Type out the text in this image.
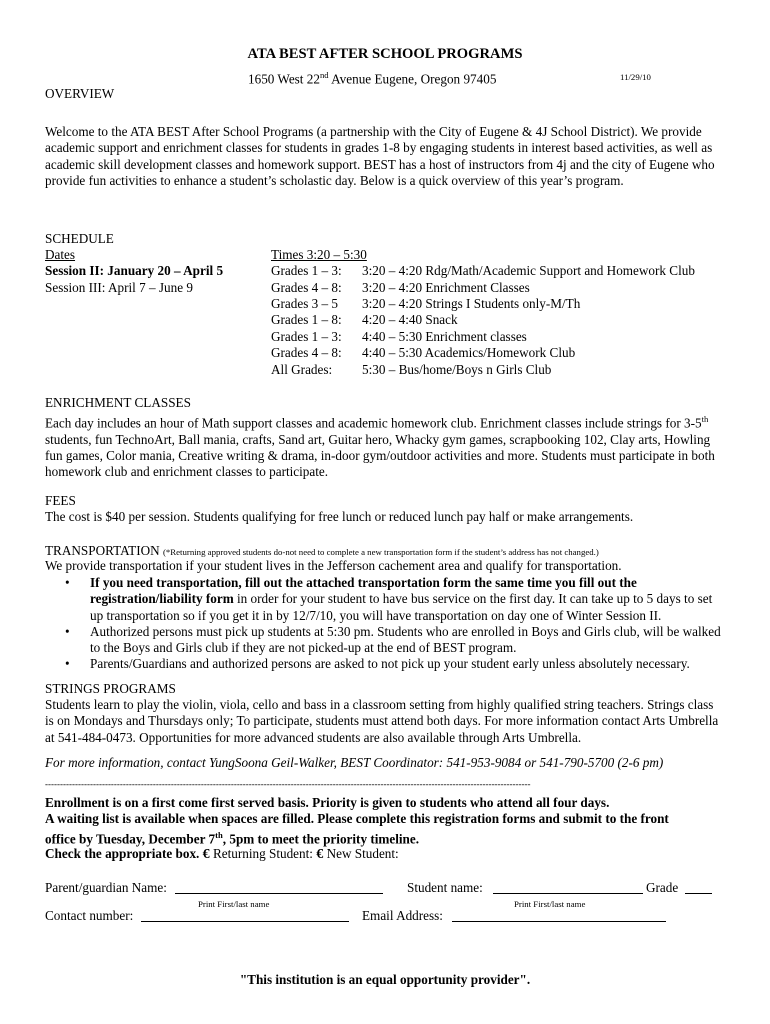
ATA BEST AFTER SCHOOL PROGRAMS
1650 West 22nd Avenue Eugene, Oregon 97405	11/29/10
OVERVIEW

Welcome to the ATA BEST After School Programs (a partnership with the City of Eugene & 4J School District). We provide academic support and enrichment classes for students in grades 1-8 by engaging students in interest based activities, as well as academic skill development classes and homework support. BEST has a host of instructors from 4j and the city of Eugene who provide fun activities to enhance a student’s scholastic day. Below is a quick overview of this year’s program.

SCHEDULE
Dates
Session II: January 20 – April 5
Session III: April 7 – June 9
Times 3:20 – 5:30
Grades 1 – 3: 3:20 – 4:20 Rdg/Math/Academic Support and Homework Club
Grades 4 – 8: 3:20 – 4:20 Enrichment Classes
Grades 3 – 5 3:20 – 4:20 Strings I Students only-M/Th
Grades 1 – 8: 4:20 – 4:40 Snack
Grades 1 – 3: 4:40 – 5:30 Enrichment classes
Grades 4 – 8: 4:40 – 5:30 Academics/Homework Club
All Grades: 5:30 – Bus/home/Boys n Girls Club
ENRICHMENT CLASSES

Each day includes an hour of Math support classes and academic homework club. Enrichment classes include strings for 3-5th students, fun TechnoArt, Ball mania, crafts, Sand art, Guitar hero, Whacky gym games, scrapbooking 102, Clay arts, Howling fun games, Color mania, Creative writing & drama, in-door gym/outdoor activities and more. Students must participate in both homework club and enrichment classes to participate.

FEES

The cost is $40 per session. Students qualifying for free lunch or reduced lunch pay half or make arrangements.

TRANSPORTATION (*Returning approved students do-not need to complete a new transportation form if the student’s address has not changed.)

We provide transportation if your student lives in the Jefferson cachement area and qualify for transportation.

• If you need transportation, fill out the attached transportation form the same time you fill out the registration/liability form in order for your student to have bus service on the first day. It can take up to 5 days to set up transportation so if you get it in by 12/7/10, you will have transportation on day one of Winter Session II.
• Authorized persons must pick up students at 5:30 pm. Students who are enrolled in Boys and Girls club, will be walked to the Boys and Girls club if they are not picked-up at the end of BEST program.
• Parents/Guardians and authorized persons are asked to not pick up your student early unless absolutely necessary.
STRINGS PROGRAMS

Students learn to play the violin, viola, cello and bass in a classroom setting from highly qualified string teachers. Strings class is on Mondays and Thursdays only; To participate, students must attend both days. For more information contact Arts Umbrella at 541-484-0473. Opportunities for more advanced students are also available through Arts Umbrella.

For more information, contact YungSoona Geil-Walker, BEST Coordinator: 541-953-9084 or 541-790-5700 (2-6 pm)
------------------------------------------------------------------------------------------------------------------------------------------------------------------
Enrollment is on a first come first served basis. Priority is given to students who attend all four days.
A waiting list is available when spaces are filled. Please complete this registration forms and submit to the front
office by Tuesday, December 7th, 5pm to meet the priority timeline.
Check the appropriate box. € Returning Student: € New Student:
Parent/guardian Name:
Print First/last name
Student name:
Print First/last name
Grade
Contact number:	Email Address:
"This institution is an equal opportunity provider".
